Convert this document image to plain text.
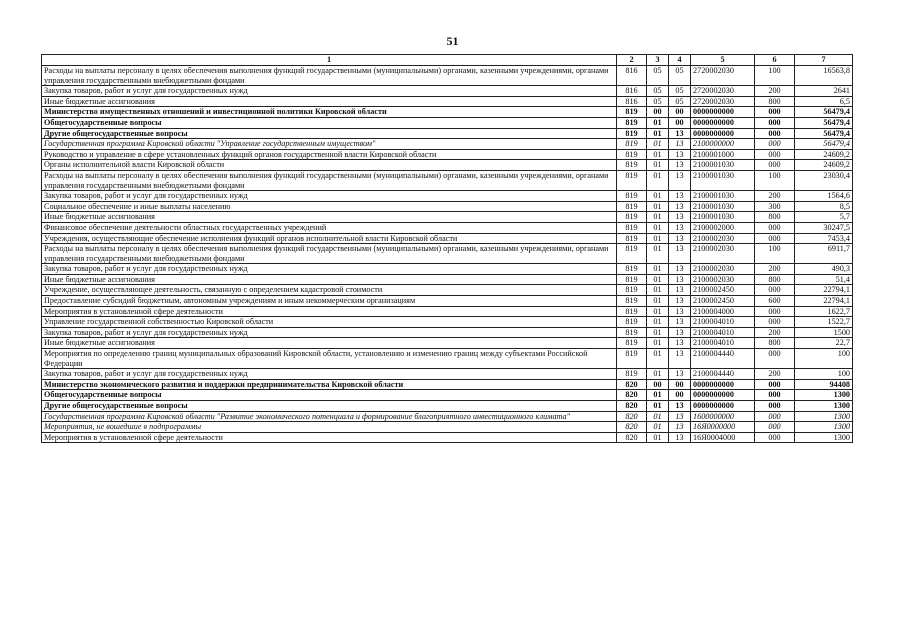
51
1	2	3	4	5	6	7
Расходы на выплаты персоналу в целях обеспечения выполнения функций государственными (муниципальными) органами, казенными учреждениями, органами управления государственными внебюджетными фондами	816	05	05	2720002030	100	16563,8
Закупка товаров, работ и услуг для государственных нужд	816	05	05	2720002030	200	2641
Иные бюджетные ассигнования	816	05	05	2720002030	800	6,5
Министерство имущественных отношений и инвестиционной политики Кировской области	819	00	00	0000000000	000	56479,4
Общегосударственные вопросы	819	01	00	0000000000	000	56479,4
Другие общегосударственные вопросы	819	01	13	0000000000	000	56479,4
Государственная программа Кировской области "Управление государственным имуществом"	819	01	13	2100000000	000	56479,4
Руководство и управление в сфере установленных функций органов государственной власти Кировской области	819	01	13	2100001000	000	24609,2
Органы исполнительной власти Кировской области	819	01	13	2100001030	000	24609,2
Расходы на выплаты персоналу в целях обеспечения выполнения функций государственными (муниципальными) органами, казенными учреждениями, органами управления государственными внебюджетными фондами	819	01	13	2100001030	100	23030,4
Закупка товаров, работ и услуг для государственных нужд	819	01	13	2100001030	200	1564,6
Социальное обеспечение и иные выплаты населению	819	01	13	2100001030	300	8,5
Иные бюджетные ассигнования	819	01	13	2100001030	800	5,7
Финансовое обеспечение деятельности областных государственных учреждений	819	01	13	2100002000	000	30247,5
Учреждения, осуществляющие обеспечение исполнения функций органов исполнительной власти Кировской области	819	01	13	2100002030	000	7453,4
Расходы на выплаты персоналу в целях обеспечения выполнения функций государственными (муниципальными) органами, казенными учреждениями, органами управления государственными внебюджетными фондами	819	01	13	2100002030	100	6911,7
Закупка товаров, работ и услуг для государственных нужд	819	01	13	2100002030	200	490,3
Иные бюджетные ассигнования	819	01	13	2100002030	800	51,4
Учреждение, осуществляющее деятельность, связанную с определением кадастровой стоимости	819	01	13	2100002450	000	22794,1
Предоставление субсидий бюджетным, автономным учреждениям и иным некоммерческим организациям	819	01	13	2100002450	600	22794,1
Мероприятия в установленной сфере деятельности	819	01	13	2100004000	000	1622,7
Управление государственной собственностью Кировской области	819	01	13	2100004010	000	1522,7
Закупка товаров, работ и услуг для государственных нужд	819	01	13	2100004010	200	1500
Иные бюджетные ассигнования	819	01	13	2100004010	800	22,7
Мероприятия по определению границ муниципальных образований Кировской области, установлению и изменению границ между субъектами Российской Федерации	819	01	13	2100004440	000	100
Закупка товаров, работ и услуг для государственных нужд	819	01	13	2100004440	200	100
Министерство экономического развития и поддержки предпринимательства Кировской области	820	00	00	0000000000	000	94408
Общегосударственные вопросы	820	01	00	0000000000	000	1300
Другие общегосударственные вопросы	820	01	13	0000000000	000	1300
Государственная программа Кировской области "Развитие экономического потенциала и формирование благоприятного инвестиционного климата"	820	01	13	1600000000	000	1300
Мероприятия, не вошедшие в подпрограммы	820	01	13	16Я0000000	000	1300
Мероприятия в установленной сфере деятельности	820	01	13	16Я0004000	000	1300
